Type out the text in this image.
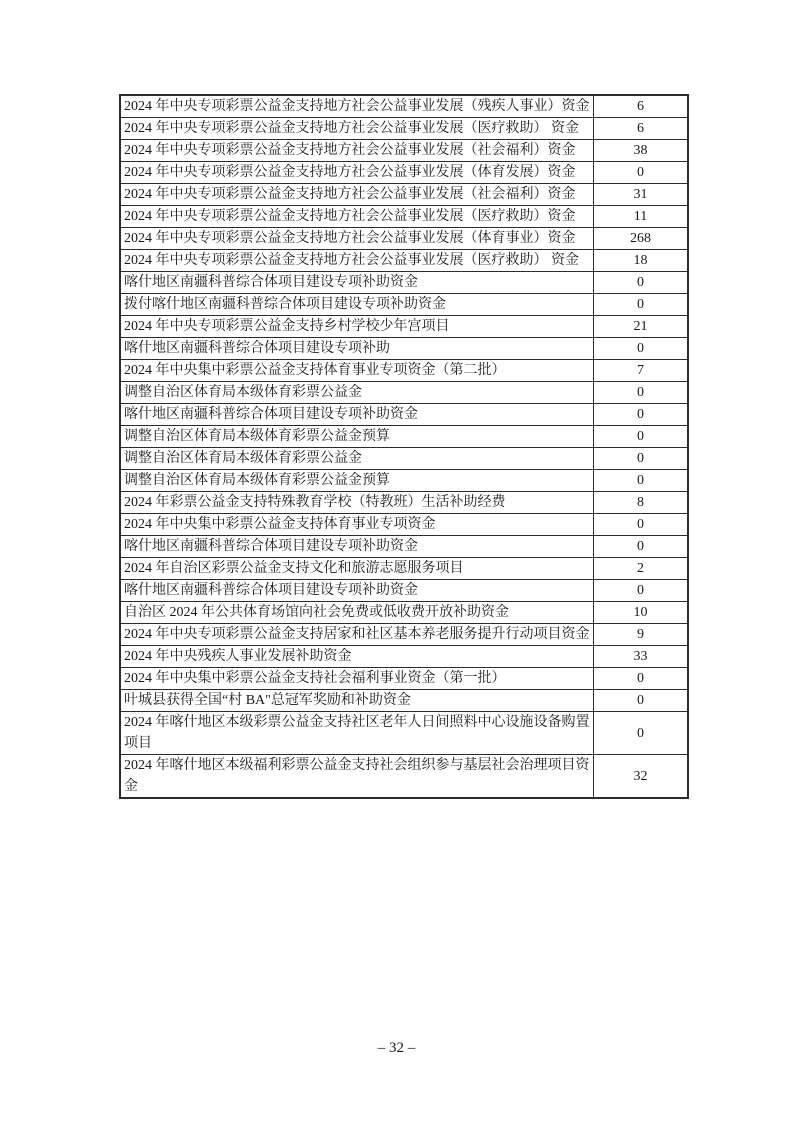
2024 年中央专项彩票公益金支持地方社会公益事业发展（残疾人事业）资金	6
2024 年中央专项彩票公益金支持地方社会公益事业发展（医疗救助） 资金	6
2024 年中央专项彩票公益金支持地方社会公益事业发展（社会福利）资金	38
2024 年中央专项彩票公益金支持地方社会公益事业发展（体育发展）资金	0
2024 年中央专项彩票公益金支持地方社会公益事业发展（社会福利）资金	31
2024 年中央专项彩票公益金支持地方社会公益事业发展（医疗救助）资金	11
2024 年中央专项彩票公益金支持地方社会公益事业发展（体育事业）资金	268
2024 年中央专项彩票公益金支持地方社会公益事业发展（医疗救助） 资金	18
喀什地区南疆科普综合体项目建设专项补助资金	0
拨付喀什地区南疆科普综合体项目建设专项补助资金	0
2024 年中央专项彩票公益金支持乡村学校少年宫项目	21
喀什地区南疆科普综合体项目建设专项补助	0
2024 年中央集中彩票公益金支持体育事业专项资金（第二批）	7
调整自治区体育局本级体育彩票公益金	0
喀什地区南疆科普综合体项目建设专项补助资金	0
调整自治区体育局本级体育彩票公益金预算	0
调整自治区体育局本级体育彩票公益金	0
调整自治区体育局本级体育彩票公益金预算	0
2024 年彩票公益金支持特殊教育学校（特教班）生活补助经费	8
2024 年中央集中彩票公益金支持体育事业专项资金	0
喀什地区南疆科普综合体项目建设专项补助资金	0
2024 年自治区彩票公益金支持文化和旅游志愿服务项目	2
喀什地区南疆科普综合体项目建设专项补助资金	0
自治区 2024 年公共体育场馆向社会免费或低收费开放补助资金	10
2024 年中央专项彩票公益金支持居家和社区基本养老服务提升行动项目资金	9
2024 年中央残疾人事业发展补助资金	33
2024 年中央集中彩票公益金支持社会福利事业资金（第一批）	0
叶城县获得全国“村 BA"总冠军奖励和补助资金	0
2024 年喀什地区本级彩票公益金支持社区老年人日间照料中心设施设备购置项目	0
2024 年喀什地区本级福利彩票公益金支持社会组织参与基层社会治理项目资金	32
– 32 –
